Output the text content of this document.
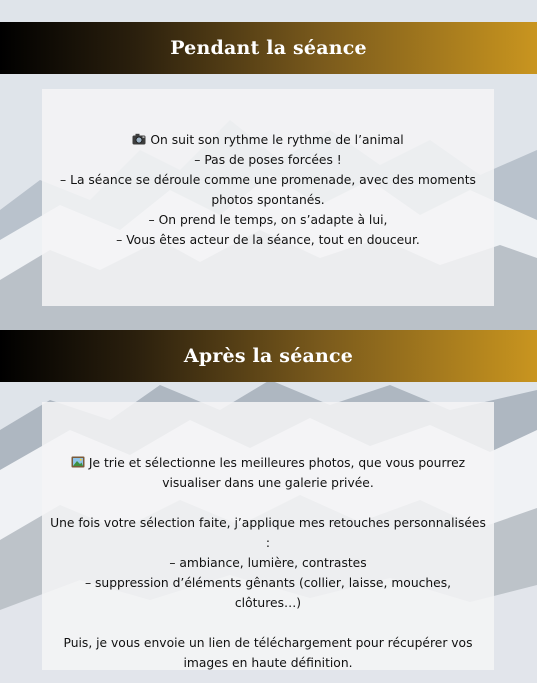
Pendant la séance

On suit son rythme le rythme de l’animal

– Pas de poses forcées !

– La séance se déroule comme une promenade, avec des moments photos spontanés.

– On prend le temps, on s’adapte à lui,

– Vous êtes acteur de la séance, tout en douceur.

Après la séance

Je trie et sélectionne les meilleures photos, que vous pourrez visualiser dans une galerie privée.

Une fois votre sélection faite, j’applique mes retouches personnalisées :

– ambiance, lumière, contrastes

– suppression d’éléments gênants (collier, laisse, mouches, clôtures…)

Puis, je vous envoie un lien de téléchargement pour récupérer vos images en haute définition.
